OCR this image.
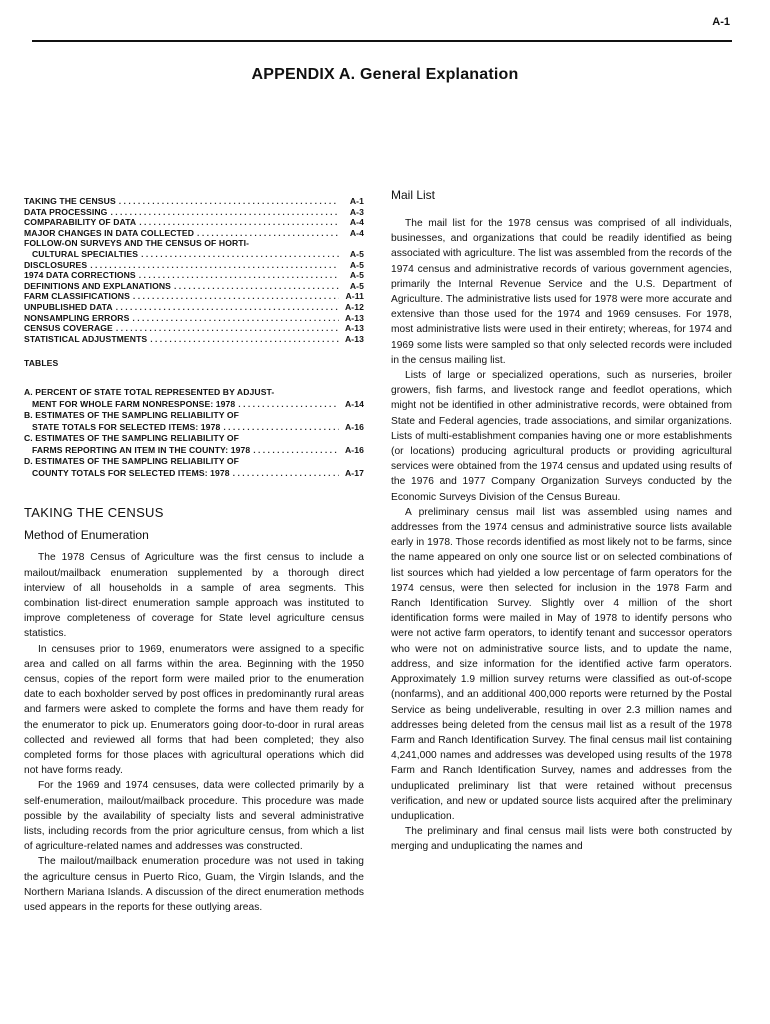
A-1
APPENDIX A. General Explanation
TAKING THE CENSUS . . .	A-1
DATA PROCESSING . . .	A-3
COMPARABILITY OF DATA . . .	A-4
MAJOR CHANGES IN DATA COLLECTED . . .	A-4
FOLLOW-ON SURVEYS AND THE CENSUS OF HORTI-
CULTURAL SPECIALTIES . . .	A-5
DISCLOSURES . . .	A-5
1974 DATA CORRECTIONS . . .	A-5
DEFINITIONS AND EXPLANATIONS . . .	A-5
FARM CLASSIFICATIONS . . .	A-11
UNPUBLISHED DATA . . .	A-12
NONSAMPLING ERRORS . . .	A-13
CENSUS COVERAGE . . .	A-13
STATISTICAL ADJUSTMENTS . . .	A-13
TABLES
A. PERCENT OF STATE TOTAL REPRESENTED BY ADJUST-
MENT FOR WHOLE FARM NONRESPONSE: 1978 . . .	A-14
B. ESTIMATES OF THE SAMPLING RELIABILITY OF
STATE TOTALS FOR SELECTED ITEMS: 1978 . . .	A-16
C. ESTIMATES OF THE SAMPLING RELIABILITY OF
FARMS REPORTING AN ITEM IN THE COUNTY: 1978 . . .	A-16
D. ESTIMATES OF THE SAMPLING RELIABILITY OF
COUNTY TOTALS FOR SELECTED ITEMS: 1978 . . .	A-17
TAKING THE CENSUS
Method of Enumeration

The 1978 Census of Agriculture was the first census to include a mailout/mailback enumeration supplemented by a thorough direct interview of all households in a sample of area segments. This combination list-direct enumeration sample approach was instituted to improve completeness of coverage for State level agriculture census statistics.

In censuses prior to 1969, enumerators were assigned to a specific area and called on all farms within the area. Beginning with the 1950 census, copies of the report form were mailed prior to the enumeration date to each boxholder served by post offices in predominantly rural areas and farmers were asked to complete the forms and have them ready for the enumerator to pick up. Enumerators going door-to-door in rural areas collected and reviewed all forms that had been completed; they also completed forms for those places with agricultural operations which did not have forms ready.

For the 1969 and 1974 censuses, data were collected primarily by a self-enumeration, mailout/mailback procedure. This procedure was made possible by the availability of specialty lists and several administrative lists, including records from the prior agriculture census, from which a list of agriculture-related names and addresses was constructed.

The mailout/mailback enumeration procedure was not used in taking the agriculture census in Puerto Rico, Guam, the Virgin Islands, and the Northern Mariana Islands. A discussion of the direct enumeration methods used appears in the reports for these outlying areas.

Mail List

The mail list for the 1978 census was comprised of all individuals, businesses, and organizations that could be readily identified as being associated with agriculture. The list was assembled from the records of the 1974 census and administrative records of various government agencies, primarily the Internal Revenue Service and the U.S. Department of Agriculture. The administrative lists used for 1978 were more accurate and extensive than those used for the 1974 and 1969 censuses. For 1978, most administrative lists were used in their entirety; whereas, for 1974 and 1969 some lists were sampled so that only selected records were included in the census mailing list.

Lists of large or specialized operations, such as nurseries, broiler growers, fish farms, and livestock range and feedlot operations, which might not be identified in other administrative records, were obtained from State and Federal agencies, trade associations, and similar organizations. Lists of multi-establishment companies having one or more establishments (or locations) producing agricultural products or providing agricultural services were obtained from the 1974 census and updated using results of the 1976 and 1977 Company Organization Surveys conducted by the Economic Surveys Division of the Census Bureau.

A preliminary census mail list was assembled using names and addresses from the 1974 census and administrative source lists available early in 1978. Those records identified as most likely not to be farms, since the name appeared on only one source list or on selected combinations of list sources which had yielded a low percentage of farm operators for the 1974 census, were then selected for inclusion in the 1978 Farm and Ranch Identification Survey. Slightly over 4 million of the short identification forms were mailed in May of 1978 to identify persons who were not active farm operators, to identify tenant and successor operators who were not on administrative source lists, and to update the name, address, and size information for the identified active farm operators. Approximately 1.9 million survey returns were classified as out-of-scope (nonfarms), and an additional 400,000 reports were returned by the Postal Service as being undeliverable, resulting in over 2.3 million names and addresses being deleted from the census mail list as a result of the 1978 Farm and Ranch Identification Survey. The final census mail list containing 4,241,000 names and addresses was developed using results of the 1978 Farm and Ranch Identification Survey, names and addresses from the unduplicated preliminary list that were retained without precensus verification, and new or updated source lists acquired after the preliminary unduplication.

The preliminary and final census mail lists were both constructed by merging and unduplicating the names and
